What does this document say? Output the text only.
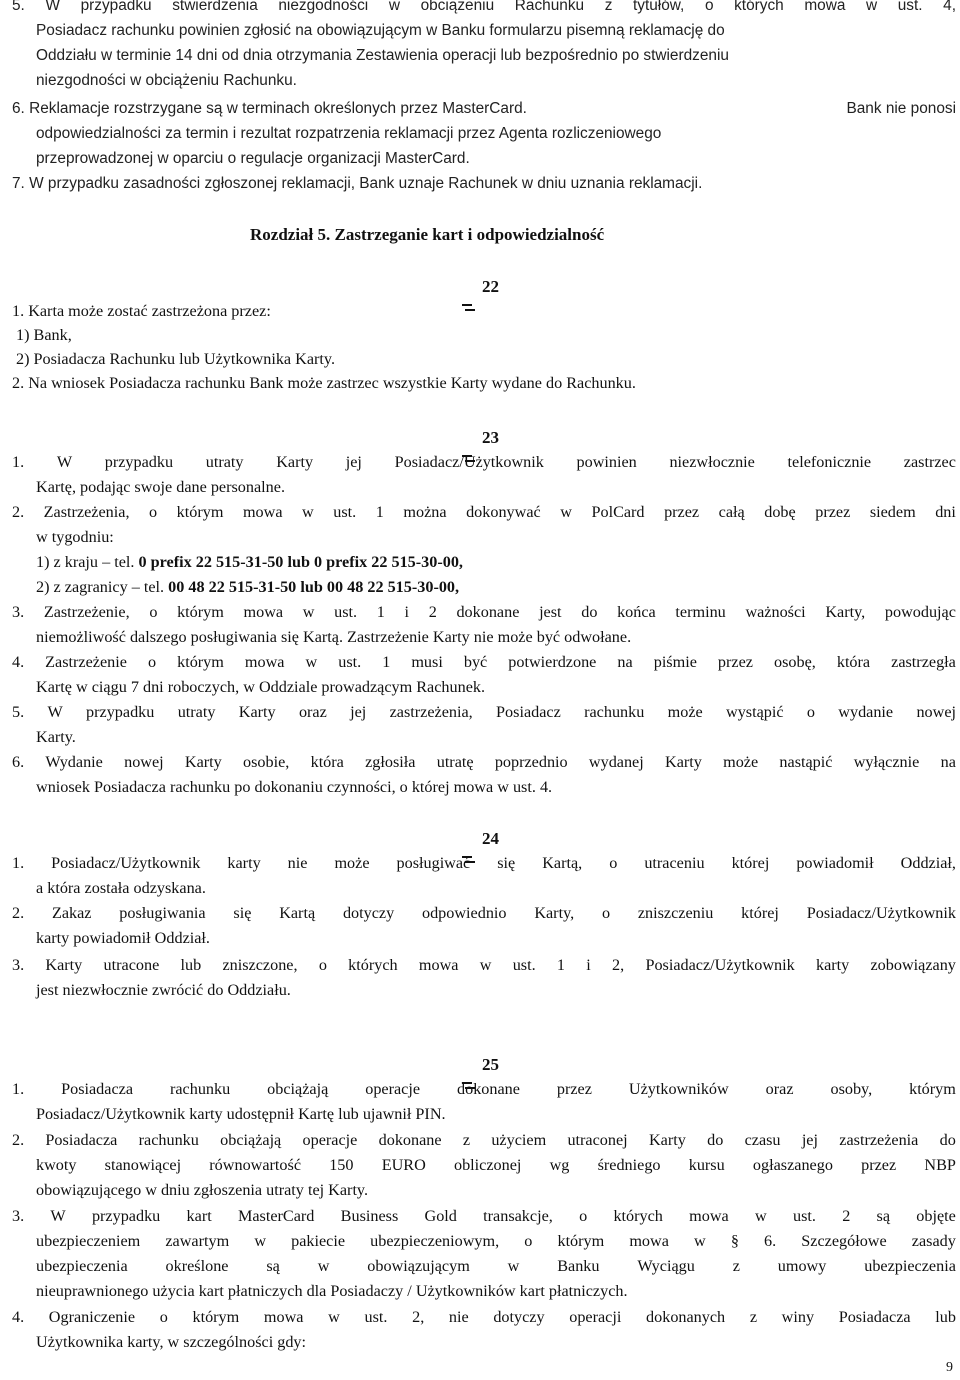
5. W przypadku stwierdzenia niezgodności w obciążeniu Rachunku z tytułów, o których mowa w ust. 4,
Posiadacz rachunku powinien zgłosić na obowiązującym w Banku formularzu pisemną reklamację do
Oddziału w terminie 14 dni od dnia otrzymania Zestawienia operacji lub bezpośrednio po stwierdzeniu
niezgodności w obciążeniu Rachunku.
6. Reklamacje rozstrzygane są w terminach określonych przez MasterCard.	Bank nie ponosi
odpowiedzialności za termin i rezultat rozpatrzenia reklamacji przez Agenta rozliczeniowego
przeprowadzonej w oparciu o regulacje organizacji MasterCard.
7. W przypadku zasadności zgłoszonej reklamacji, Bank uznaje Rachunek w dniu uznania reklamacji.
Rozdział 5. Zastrzeganie kart i odpowiedzialność
22
1. Karta może zostać zastrzeżona przez:
1) Bank,
2) Posiadacza Rachunku lub Użytkownika Karty.
2. Na wniosek Posiadacza rachunku Bank może zastrzec wszystkie Karty wydane do Rachunku.
23
1. W przypadku utraty Karty jej Posiadacz/Użytkownik powinien niezwłocznie telefonicznie zastrzec
Kartę, podając swoje dane personalne.
2. Zastrzeżenia, o którym mowa w ust. 1 można dokonywać w PolCard przez całą dobę przez siedem dni
w tygodniu:
1) z kraju – tel. 0 prefix 22 515-31-50 lub 0 prefix 22 515-30-00,
2) z zagranicy – tel. 00 48 22 515-31-50 lub 00 48 22 515-30-00,
3. Zastrzeżenie, o którym mowa w ust. 1 i 2 dokonane jest do końca terminu ważności Karty, powodując
niemożliwość dalszego posługiwania się Kartą. Zastrzeżenie Karty nie może być odwołane.
4. Zastrzeżenie o którym mowa w ust. 1 musi być potwierdzone na piśmie przez osobę, która zastrzegła
Kartę w ciągu 7 dni roboczych, w Oddziale prowadzącym Rachunek.
5. W przypadku utraty Karty oraz jej zastrzeżenia, Posiadacz rachunku może wystąpić o wydanie nowej
Karty.
6. Wydanie nowej Karty osobie, która zgłosiła utratę poprzednio wydanej Karty może nastąpić wyłącznie na
wniosek Posiadacza rachunku po dokonaniu czynności, o której mowa w ust. 4.
24
1. Posiadacz/Użytkownik karty nie może posługiwać się Kartą, o utraceniu której powiadomił Oddział,
a która została odzyskana.
2. Zakaz posługiwania się Kartą dotyczy odpowiednio Karty, o zniszczeniu której Posiadacz/Użytkownik
karty powiadomił Oddział.
3. Karty utracone lub zniszczone, o których mowa w ust. 1 i 2, Posiadacz/Użytkownik karty zobowiązany
jest niezwłocznie zwrócić do Oddziału.
25
1. Posiadacza rachunku obciążają operacje dokonane przez Użytkowników oraz osoby, którym
Posiadacz/Użytkownik karty udostępnił Kartę lub ujawnił PIN.
2. Posiadacza rachunku obciążają operacje dokonane z użyciem utraconej Karty do czasu jej zastrzeżenia do
kwoty stanowiącej równowartość 150 EURO obliczonej wg średniego kursu ogłaszanego przez NBP
obowiązującego w dniu zgłoszenia utraty tej Karty.
3. W przypadku kart MasterCard Business Gold transakcje, o których mowa w ust. 2 są objęte
ubezpieczeniem zawartym w pakiecie ubezpieczeniowym, o którym mowa w § 6. Szczegółowe zasady
ubezpieczenia określone są w obowiązującym w Banku Wyciągu z umowy ubezpieczenia
nieuprawnionego użycia kart płatniczych dla Posiadaczy / Użytkowników kart płatniczych.
4. Ograniczenie o którym mowa w ust. 2, nie dotyczy operacji dokonanych z winy Posiadacza lub
Użytkownika karty, w szczególności gdy:
9
